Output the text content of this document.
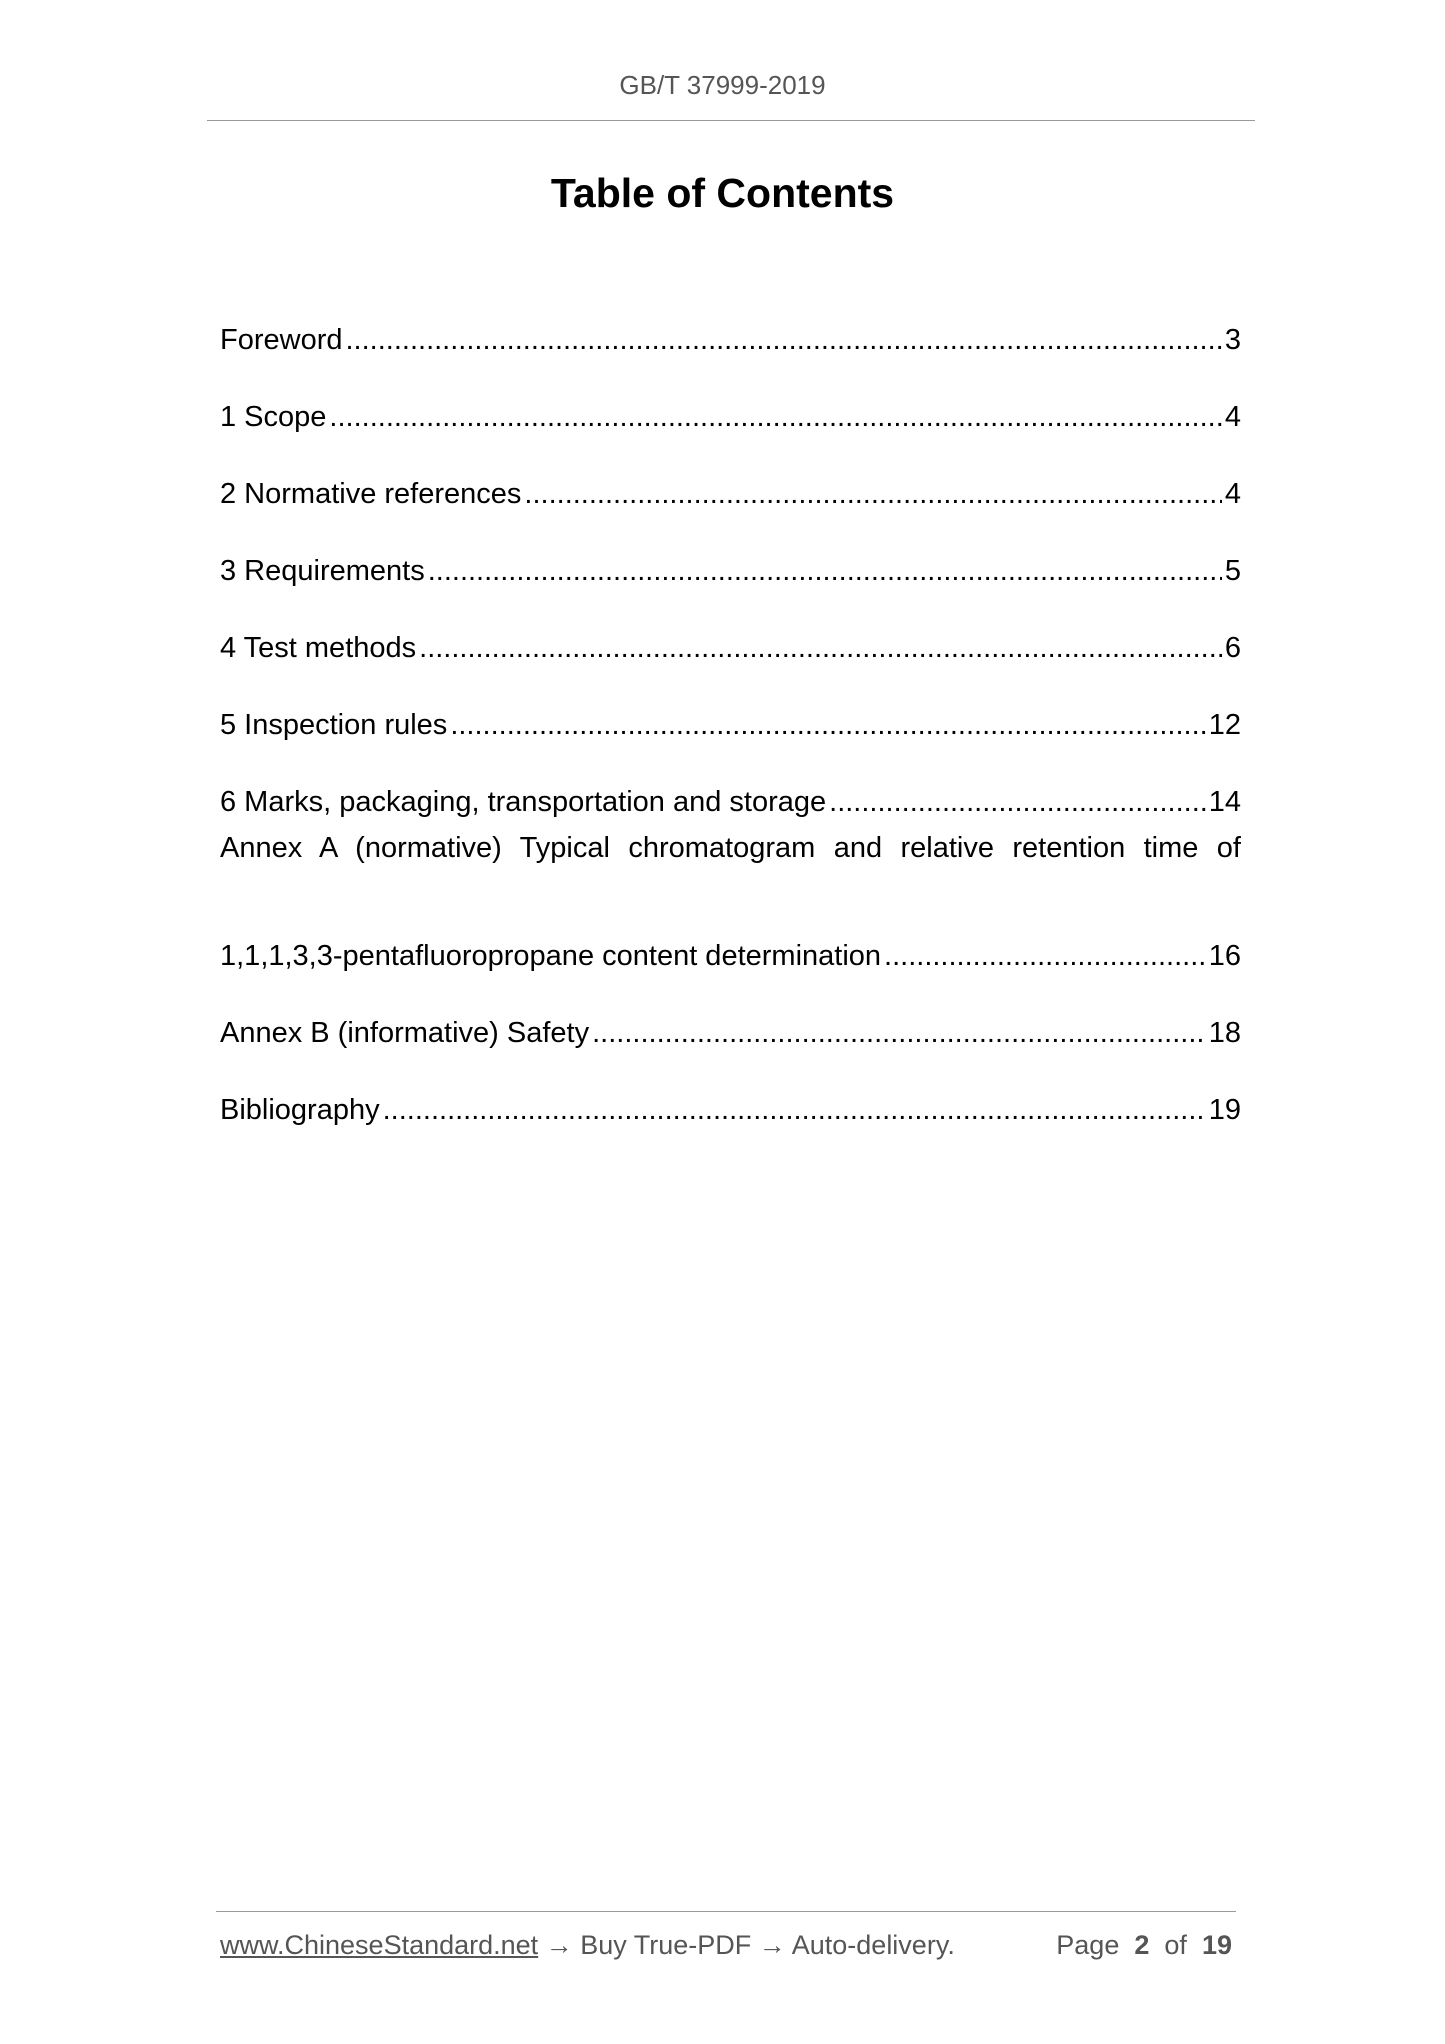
GB/T 37999-2019
Table of Contents
Foreword .....	3
1 Scope .....	4
2 Normative references .....	4
3 Requirements .....	5
4 Test methods .....	6
5 Inspection rules .....	12
6 Marks, packaging, transportation and storage .....	14
Annex A (normative) Typical chromatogram and relative retention time of
1,1,1,3,3-pentafluoropropane content determination .....	16
Annex B (informative) Safety .....	18
Bibliography .....	19
www.ChineseStandard.net → Buy True-PDF → Auto-delivery.	Page 2 of 19
